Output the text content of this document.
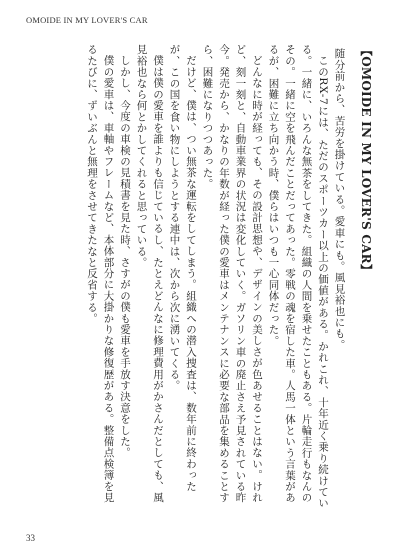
OMOIDE IN MY LOVER'S CAR
【OMOIDE IN MY LOVER'S CAR】

随分前から、苦労を掛けている。愛車にも。風見裕也にも。

このRX-7には、ただのスポーツカー以上の価値がある。かれこれ、十年近く乗り続けている。一緒に、いろんな無茶をしてきた。組織の人間を乗せたこともある。片輪走行もなんのその。一緒に空を飛んだことだってあった。零戦の魂を宿した車。人馬一体という言葉があるが、困難に立ち向かう時、僕らはいつも一心同体だった。

どんなに時が経っても、その設計思想や、デザインの美しさが色あせることはない。けれど、刻一刻と、自動車業界の状況は変化していく。ガソリン車の廃止さえ予見されている昨今。発売から、かなりの年数が経った僕の愛車はメンテナンスに必要な部品を集めることすら、困難になりつつあった。

だけど、僕は、つい無茶な運転をしてしまう。組織への潜入捜査は、数年前に終わったが、この国を食い物にしようとする連中は、次から次に湧いてくる。

僕は僕の愛車を誰よりも信じているし、たとえどんなに修理費用がかさんだとしても、風見裕也なら何とかしてくれると思っている。

しかし、今度の車検の見積書を見た時、さすがの僕も愛車を手放す決意をした。

僕の愛車は、車軸やフレームなど、本体部分に大掛かりな修復歴がある。整備点検簿を見るたびに、ずいぶんと無理をさせてきたなと反省する。

33
